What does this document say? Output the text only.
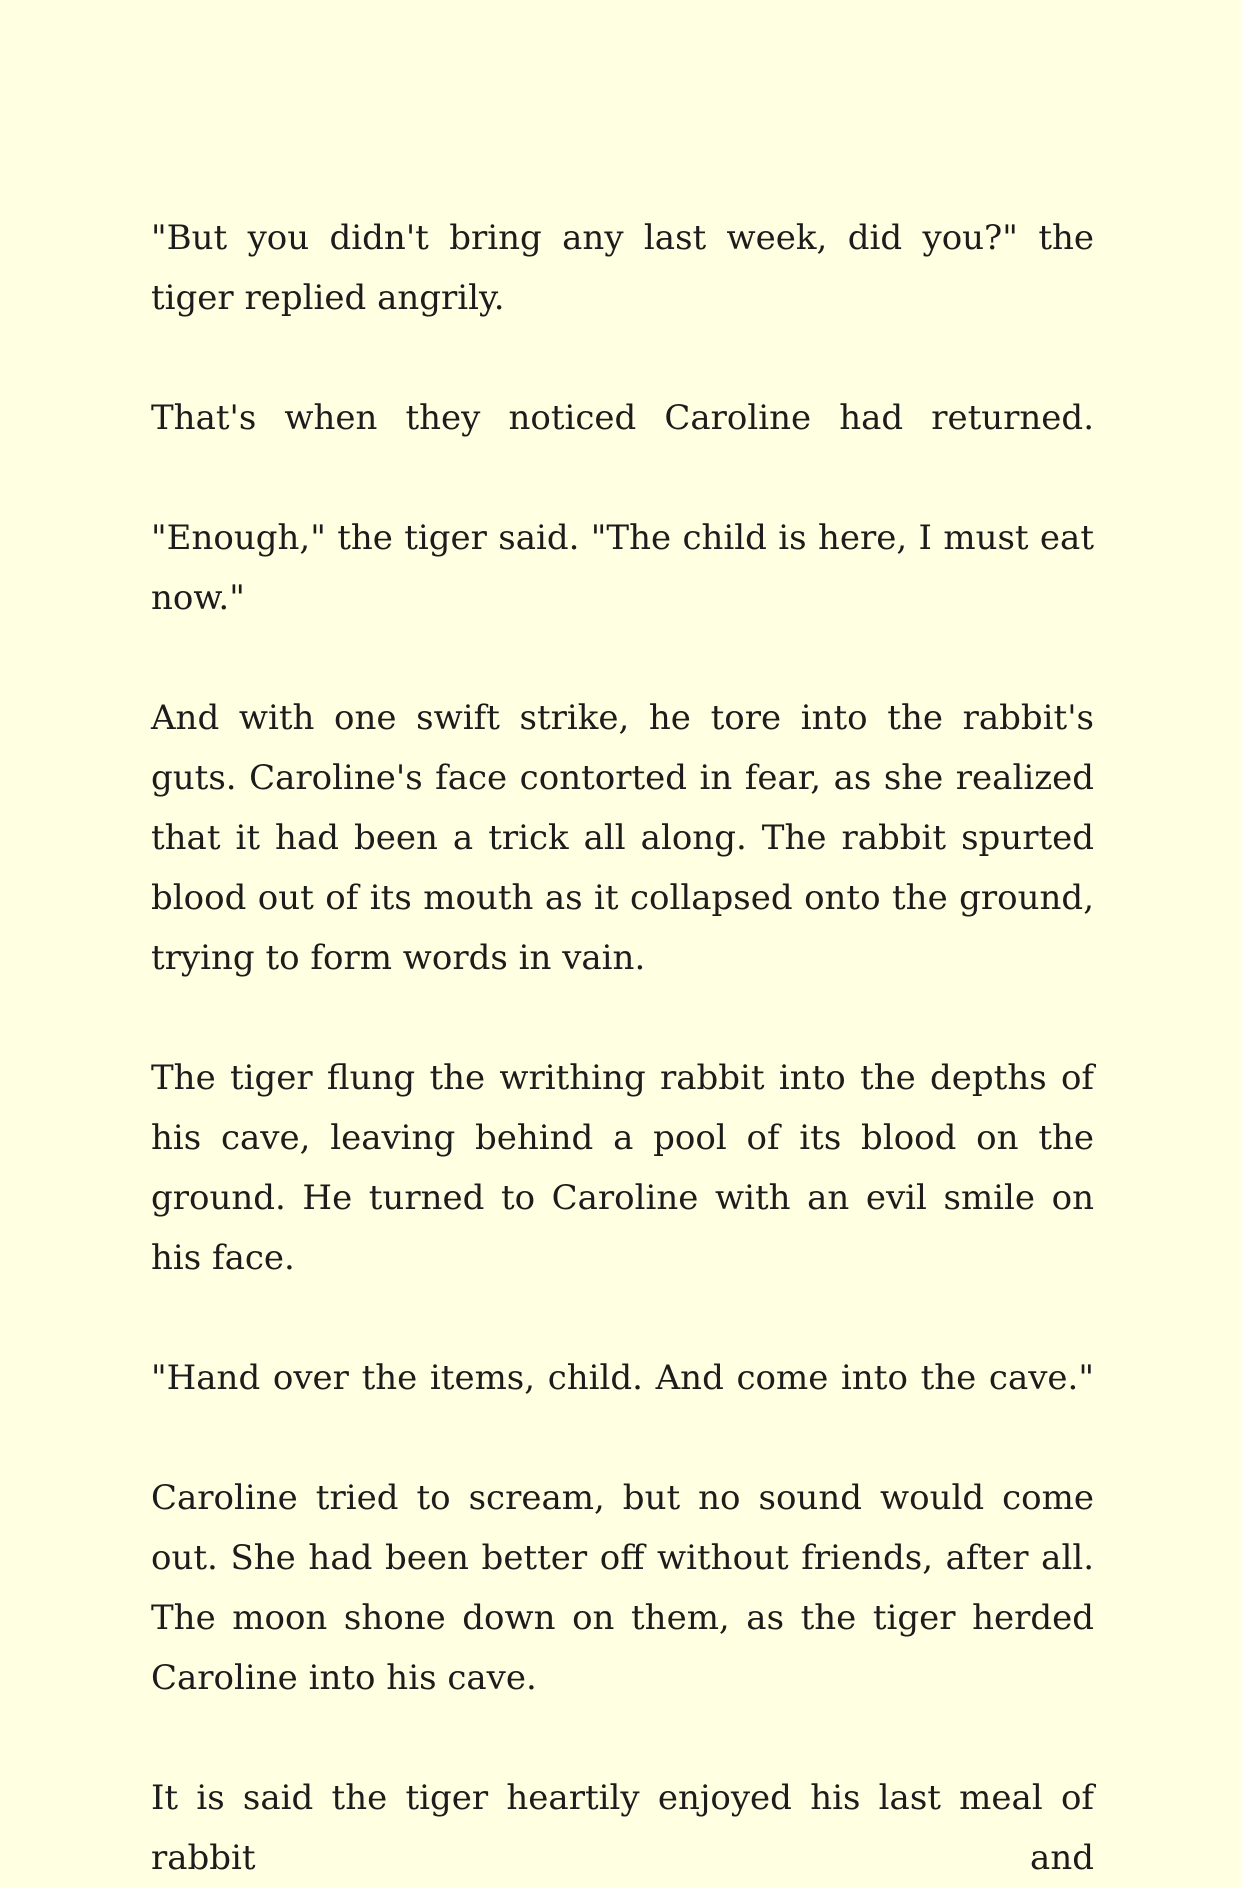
"But you didn't bring any last week, did you?" the tiger replied angrily.

That's when they noticed Caroline had returned.

"Enough," the tiger said. "The child is here, I must eat now."

And with one swift strike, he tore into the rabbit's guts. Caroline's face contorted in fear, as she realized that it had been a trick all along. The rabbit spurted blood out of its mouth as it collapsed onto the ground, trying to form words in vain.

The tiger flung the writhing rabbit into the depths of his cave, leaving behind a pool of its blood on the ground. He turned to Caroline with an evil smile on his face.

"Hand over the items, child. And come into the cave."

Caroline tried to scream, but no sound would come out. She had been better off without friends, after all. The moon shone down on them, as the tiger herded Caroline into his cave.

It is said the tiger heartily enjoyed his last meal of rabbit and
